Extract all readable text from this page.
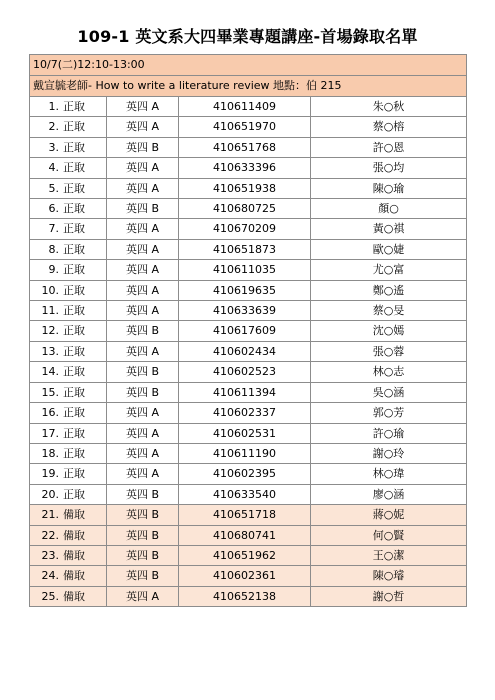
109-1 英文系大四畢業專題講座-首場錄取名單
10/7(二)12:10-13:00			
戴宣毓老師- How to write a literature review 地點：伯 215			
1. 正取	英四 A	410611409	朱○秋
2. 正取	英四 A	410651970	蔡○榕
3. 正取	英四 B	410651768	許○恩
4. 正取	英四 A	410633396	張○均
5. 正取	英四 A	410651938	陳○瑜
6. 正取	英四 B	410680725	顏○
7. 正取	英四 A	410670209	黃○祺
8. 正取	英四 A	410651873	歐○婕
9. 正取	英四 A	410611035	尤○富
10. 正取	英四 A	410619635	鄭○遙
11. 正取	英四 A	410633639	蔡○旻
12. 正取	英四 B	410617609	沈○嫣
13. 正取	英四 A	410602434	張○蓉
14. 正取	英四 B	410602523	林○志
15. 正取	英四 B	410611394	吳○涵
16. 正取	英四 A	410602337	郭○芳
17. 正取	英四 A	410602531	許○瑜
18. 正取	英四 A	410611190	謝○玲
19. 正取	英四 A	410602395	林○瑋
20. 正取	英四 B	410633540	廖○涵
21. 備取	英四 B	410651718	蔣○妮
22. 備取	英四 B	410680741	何○賢
23. 備取	英四 B	410651962	王○潔
24. 備取	英四 B	410602361	陳○璿
25. 備取	英四 A	410652138	謝○哲
